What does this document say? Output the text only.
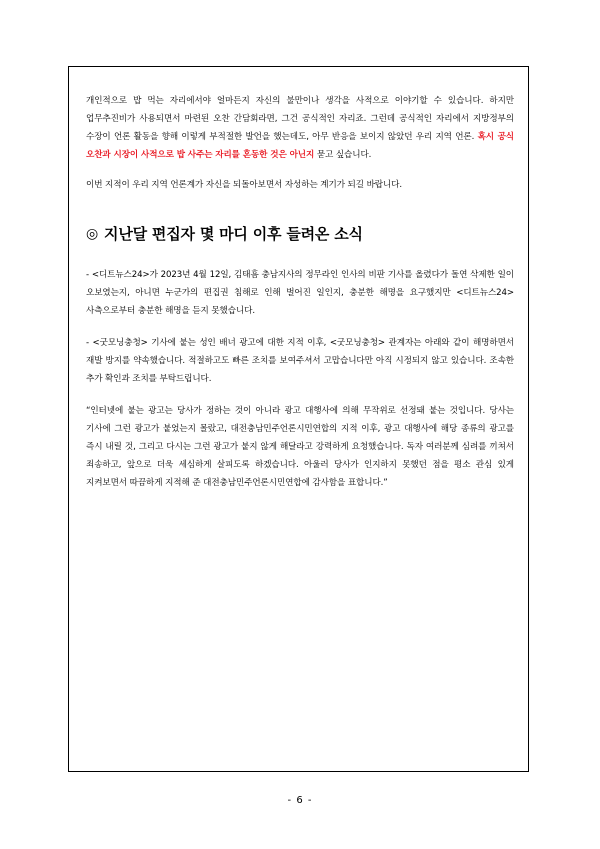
개인적으로 밥 먹는 자리에서야 얼마든지 자신의 불만이나 생각을 사적으로 이야기할 수 있습니다. 하지만 업무추진비가 사용되면서 마련된 오찬 간담회라면, 그건 공식적인 자리죠. 그런데 공식적인 자리에서 지방정부의 수장이 언론 활동을 향해 이렇게 부적절한 발언을 했는데도, 아무 반응을 보이지 않았던 우리 지역 언론. 혹시 공식 오찬과 시장이 사적으로 밥 사주는 자리를 혼동한 것은 아닌지 묻고 싶습니다.

이번 지적이 우리 지역 언론계가 자신을 되돌아보면서 자성하는 계기가 되길 바랍니다.

◎ 지난달 편집자 몇 마디 이후 들려온 소식

- <디트뉴스24>가 2023년 4월 12일, 김태흠 충남지사의 정무라인 인사의 비판 기사를 올렸다가 돌연 삭제한 일이 오보였는지, 아니면 누군가의 편집권 침해로 인해 벌어진 일인지, 충분한 해명을 요구했지만 <디트뉴스24> 사측으로부터 충분한 해명을 듣지 못했습니다.

- <굿모닝충청> 기사에 붙는 성인 배너 광고에 대한 지적 이후, <굿모닝충청> 관계자는 아래와 같이 해명하면서 재발 방지를 약속했습니다. 적절하고도 빠른 조치를 보여주셔서 고맙습니다만 아직 시정되지 않고 있습니다. 조속한 추가 확인과 조치를 부탁드립니다.

“인터넷에 붙는 광고는 당사가 정하는 것이 아니라 광고 대행사에 의해 무작위로 선정돼 붙는 것입니다. 당사는 기사에 그런 광고가 붙었는지 몰랐고, 대전충남민주언론시민연합의 지적 이후, 광고 대행사에 해당 종류의 광고를 즉시 내릴 것, 그리고 다시는 그런 광고가 붙지 않게 해달라고 강력하게 요청했습니다. 독자 여러분께 심려를 끼쳐서 죄송하고, 앞으로 더욱 세심하게 살피도록 하겠습니다. 아울러 당사가 인지하지 못했던 점을 평소 관심 있게 지켜보면서 따끔하게 지적해 준 대전충남민주언론시민연합에 감사함을 표합니다.”

- 6 -
